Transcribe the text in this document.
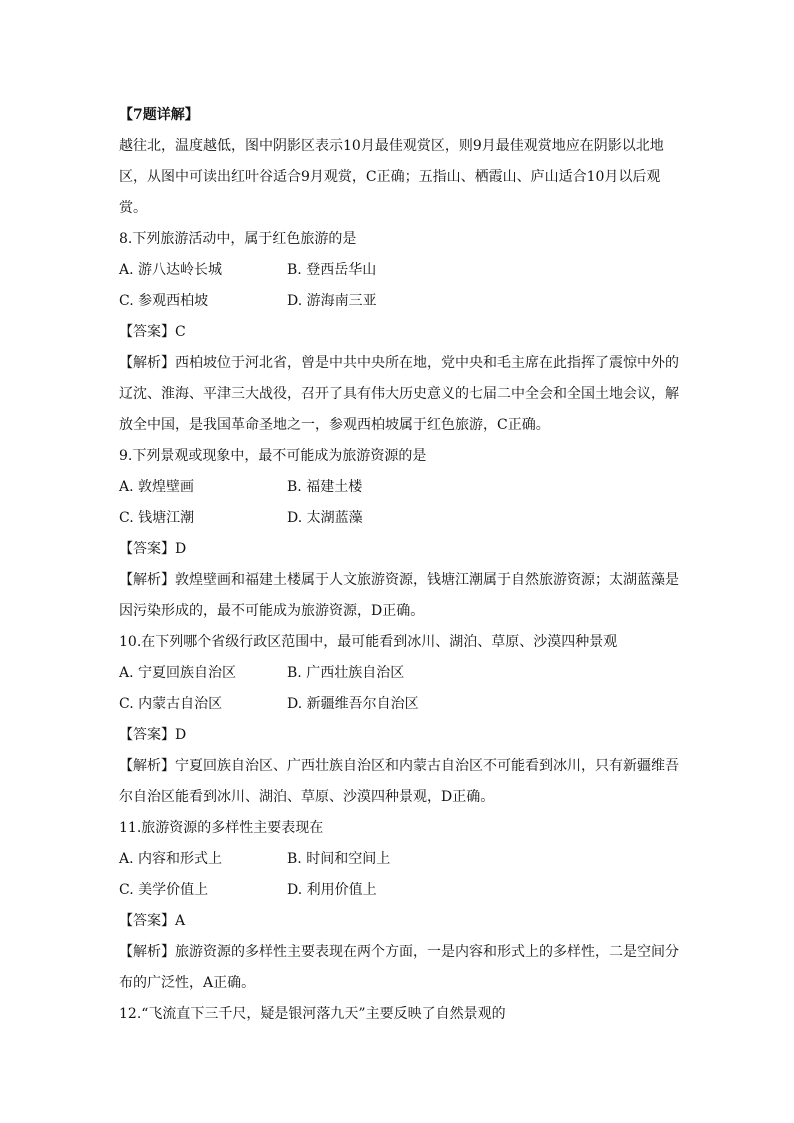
【7题详解】
越往北，温度越低，图中阴影区表示10月最佳观赏区，则9月最佳观赏地应在阴影以北地区，从图中可读出红叶谷适合9月观赏，C正确；五指山、栖霞山、庐山适合10月以后观赏。
8.下列旅游活动中，属于红色旅游的是
A. 游八达岭长城	B. 登西岳华山
C. 参观西柏坡	D. 游海南三亚
【答案】C
【解析】西柏坡位于河北省，曾是中共中央所在地，党中央和毛主席在此指挥了震惊中外的辽沈、淮海、平津三大战役，召开了具有伟大历史意义的七届二中全会和全国土地会议，解放全中国，是我国革命圣地之一，参观西柏坡属于红色旅游，C正确。
9.下列景观或现象中，最不可能成为旅游资源的是
A. 敦煌壁画	B. 福建土楼
C. 钱塘江潮	D. 太湖蓝藻
【答案】D
【解析】敦煌壁画和福建土楼属于人文旅游资源，钱塘江潮属于自然旅游资源；太湖蓝藻是因污染形成的，最不可能成为旅游资源，D正确。
10.在下列哪个省级行政区范围中，最可能看到冰川、湖泊、草原、沙漠四种景观
A. 宁夏回族自治区	B. 广西壮族自治区
C. 内蒙古自治区	D. 新疆维吾尔自治区
【答案】D
【解析】宁夏回族自治区、广西壮族自治区和内蒙古自治区不可能看到冰川，只有新疆维吾尔自治区能看到冰川、湖泊、草原、沙漠四种景观，D正确。
11.旅游资源的多样性主要表现在
A. 内容和形式上	B. 时间和空间上
C. 美学价值上	D. 利用价值上
【答案】A
【解析】旅游资源的多样性主要表现在两个方面，一是内容和形式上的多样性，二是空间分布的广泛性，A正确。
12.“飞流直下三千尺，疑是银河落九天”主要反映了自然景观的
